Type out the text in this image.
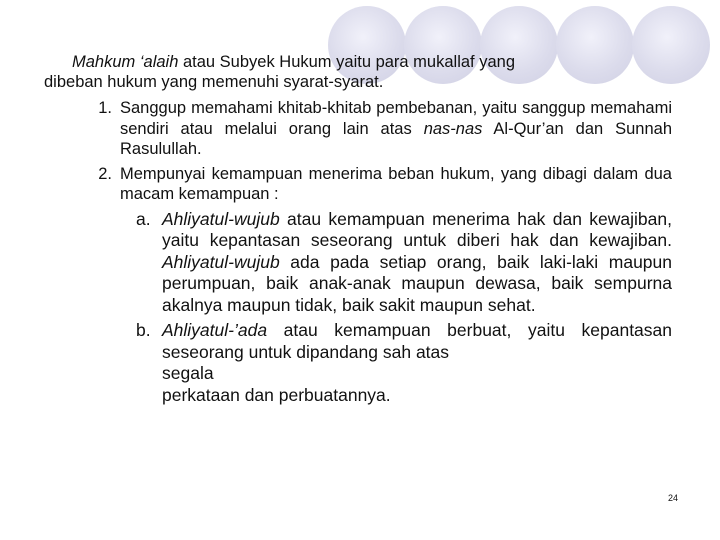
Mahkum ‘alaih atau Subyek Hukum yaitu para mukallaf yang

dibeban hukum yang memenuhi syarat-syarat.

1. Sanggup memahami khitab-khitab pembebanan, yaitu sanggup memahami sendiri atau melalui orang lain atas nas-nas Al-Qur’an dan Sunnah Rasulullah.
2. Mempunyai kemampuan menerima beban hukum, yang dibagi dalam dua macam kemampuan :
a. Ahliyatul-wujub atau kemampuan menerima hak dan kewajiban, yaitu kepantasan seseorang untuk diberi hak dan kewajiban. Ahliyatul-wujub ada pada setiap orang, baik laki-laki maupun perumpuan, baik anak-anak maupun dewasa, baik sempurna akalnya maupun tidak, baik sakit maupun sehat.
b. Ahliyatul-’ada atau kemampuan berbuat, yaitu kepantasan seseorang untuk dipandang sah atas
segala
perkataan dan perbuatannya.
24
